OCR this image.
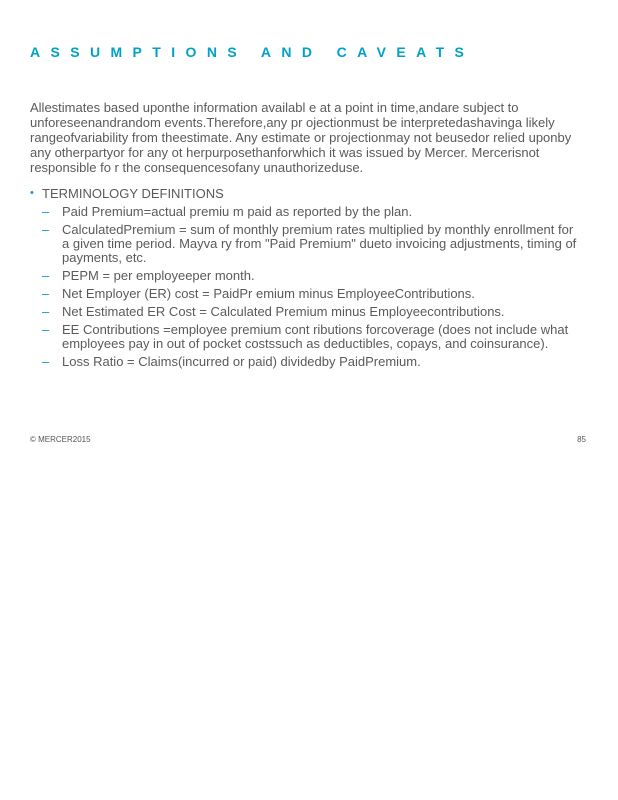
ASSUMPTIONS AND CAVEATS

Allestimates based uponthe information availabl e at a point in time,andare subject to unforeseenandrandom events.Therefore,any pr ojectionmust be interpretedashavinga likely rangeofvariability from theestimate. Any estimate or projectionmay not beusedor relied uponby any otherpartyor for any ot herpurposethanforwhich it was issued by Mercer. Mercerisnot responsible fo r the consequencesofany unauthorizeduse.

• TERMINOLOGY DEFINITIONS
– Paid Premium=actual premiu m paid as reported by the plan.
– CalculatedPremium = sum of monthly premium rates multiplied by monthly enrollment for a given time period. Mayva ry from "Paid Premium" dueto invoicing adjustments, timing of payments, etc.
– PEPM = per employeeper month.
– Net Employer (ER) cost = PaidPr emium minus EmployeeContributions.
– Net Estimated ER Cost = Calculated Premium minus Employeecontributions.
– EE Contributions =employee premium cont ributions forcoverage (does not include what employees pay in out of pocket costssuch as deductibles, copays, and coinsurance).
– Loss Ratio = Claims(incurred or paid) dividedby PaidPremium.
© MERCER2015	85
